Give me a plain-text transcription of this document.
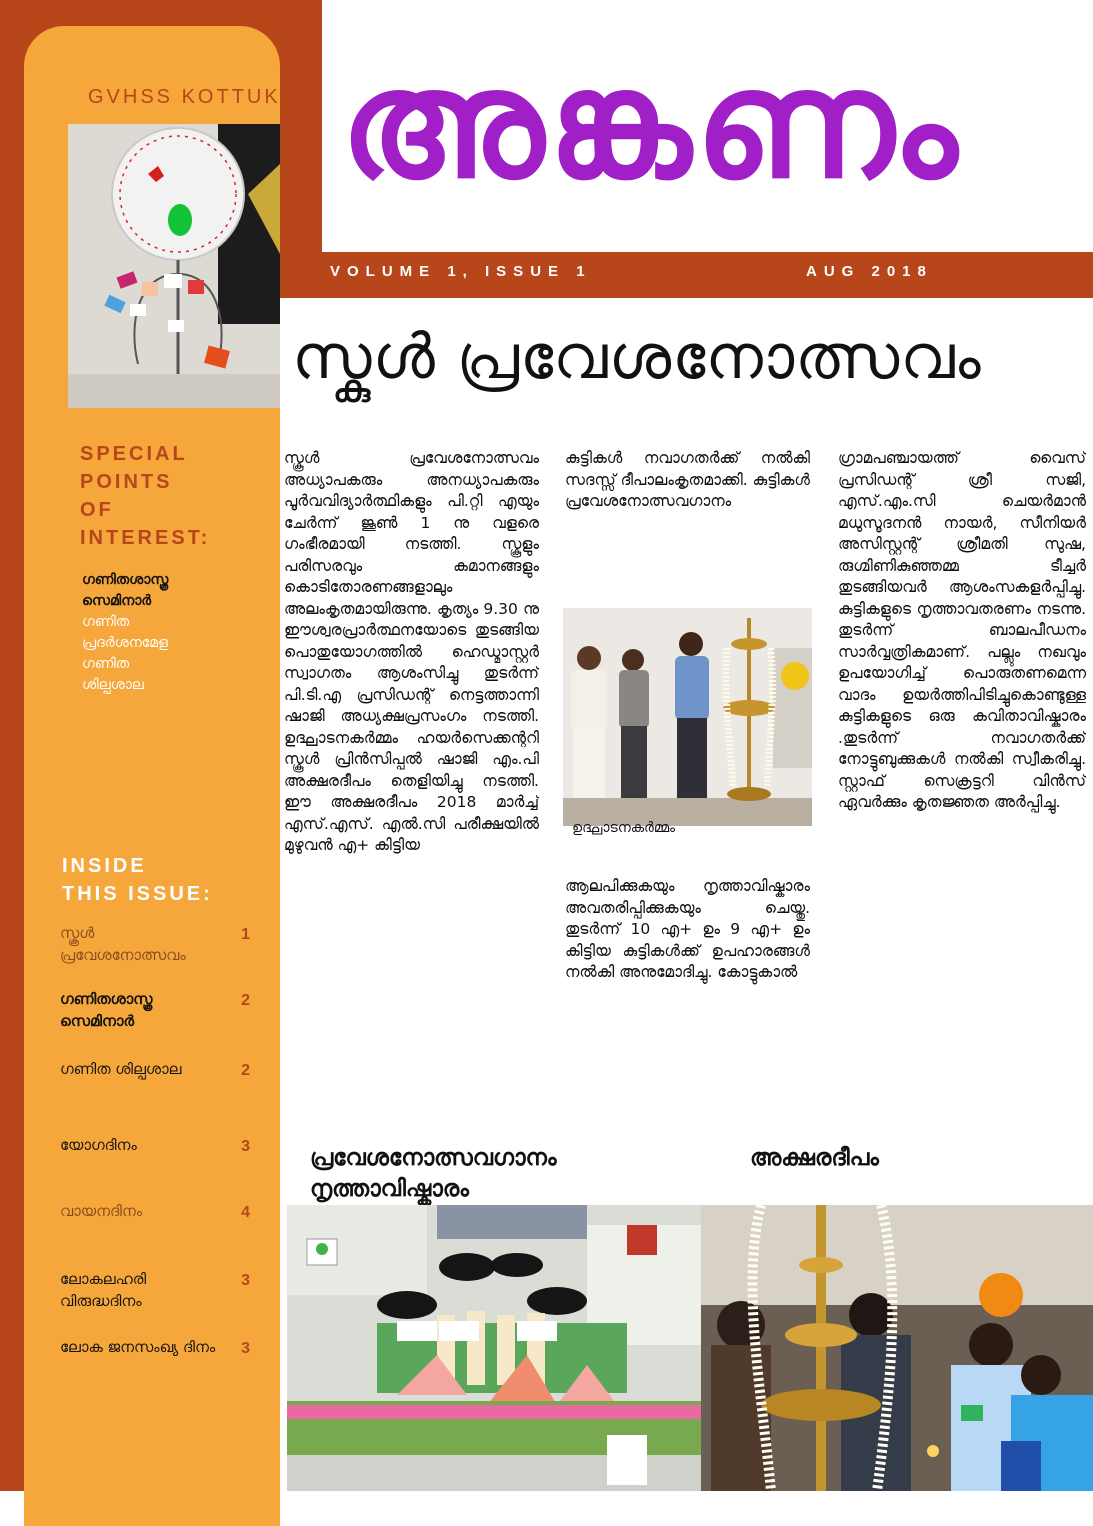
GVHSS KOTTUKAL അങ്കണം
VOLUME 1, ISSUE 1	AUG 2018
സ്കുൾ പ്രവേശനോത്സവം
SPECIAL
POINTS
OF
INTEREST:
ഗണിതശാസ്ത്ര
സെമിനാർ
ഗണിത
പ്രദർശനമേള
ഗണിത
ശില്പശാല
INSIDE
THIS ISSUE:
സ്കൂൾ പ്രവേശനോത്സവം
1
ഗണിതശാസ്ത്ര സെമിനാർ
2
ഗണിത ശില്പശാല	2
യോഗദിനം	3
വായനദിനം	4
ലോകലഹരി വിരുദ്ധദിനം
3
ലോക ജനസംഖ്യ ദിനം 3

സ്കൂൾ പ്രവേശനോത്സവം അധ്യാപകരും അനധ്യാപകരും പൂർവവിദ്യാർത്ഥികളും പി.റ്റി എയും ചേർന്ന് ജൂൺ 1 നു വളരെ ഗംഭീരമായി നടത്തി. സ്കൂളും പരിസരവും കമാനങ്ങളും കൊടിതോരണങ്ങളാലും അലംകൃതമായിരുന്നു. കൃത്യം 9.30 നു ഈശ്വരപ്രാർത്ഥനയോടെ തുടങ്ങിയ പൊതുയോഗത്തിൽ ഹെഡ്മാസ്റ്റർ സ്വാഗതം ആശംസിച്ചു തുടർന്ന് പി.ടി.എ പ്രസിഡന്റ് നെട്ടത്താന്നി ഷാജി അധ്യക്ഷപ്രസംഗം നടത്തി. ഉദ്ഘാടനകർമ്മം ഹയർസെക്കന്ററി സ്കൂൾ പ്രിൻസിപ്പൽ ഷാജി എം.പി അക്ഷരദീപം തെളിയിച്ചു നടത്തി. ഈ അക്ഷരദീപം 2018 മാർച്ച് എസ്.എസ്. എൽ.സി പരീക്ഷയിൽ മുഴുവൻ എ+ കിട്ടിയ

കുട്ടികൾ നവാഗതർക്ക് നൽകി സദസ്സ് ദീപാലംകൃതമാക്കി. കുട്ടികൾ പ്രവേശനോത്സവഗാനം

ഉദ്ഘാടനകർമ്മം

ആലപിക്കുകയും നൃത്താവിഷ്കാരം അവതരിപ്പിക്കുകയും ചെയ്തു. തുടർന്ന് 10 എ+ ഉം 9 എ+ ഉം കിട്ടിയ കുട്ടികൾക്ക് ഉപഹാരങ്ങൾ നൽകി അനുമോദിച്ചു. കോട്ടുകാൽ

ഗ്രാമപഞ്ചായത്ത് വൈസ് പ്രസിഡന്റ് ശ്രീ സജി, എസ്.എം.സി ചെയർമാൻ മധുസൂദനൻ നായർ, സീനിയർ അസിസ്റ്റന്റ് ശ്രീമതി സുഷ, രുഗ്മിണികുഞ്ഞമ്മ ടീച്ചർ തുടങ്ങിയവർ ആശംസകളർപ്പിച്ചു. കുട്ടികളുടെ നൃത്താവതരണം നടന്നു. തുടർന്ന് ബാലപീഡനം സാർവ്വത്രികമാണ്. പല്ലും നഖവും ഉപയോഗിച്ച് പൊരുതണമെന്ന വാദം ഉയർത്തിപിടിച്ചുകൊണ്ടുള്ള കുട്ടികളുടെ ഒരു കവിതാവിഷ്കാരം .തുടർന്ന് നവാഗതർക്ക് നോട്ടുബുക്കുകൾ നൽകി സ്വീകരിച്ചു. സ്റ്റാഫ് സെക്രട്ടറി വിൻസ് ഏവർക്കും കൃതജ്ഞത അർപ്പിച്ചു.

പ്രവേശനോത്സവഗാനം
നൃത്താവിഷ്കാരം
അക്ഷരദീപം
